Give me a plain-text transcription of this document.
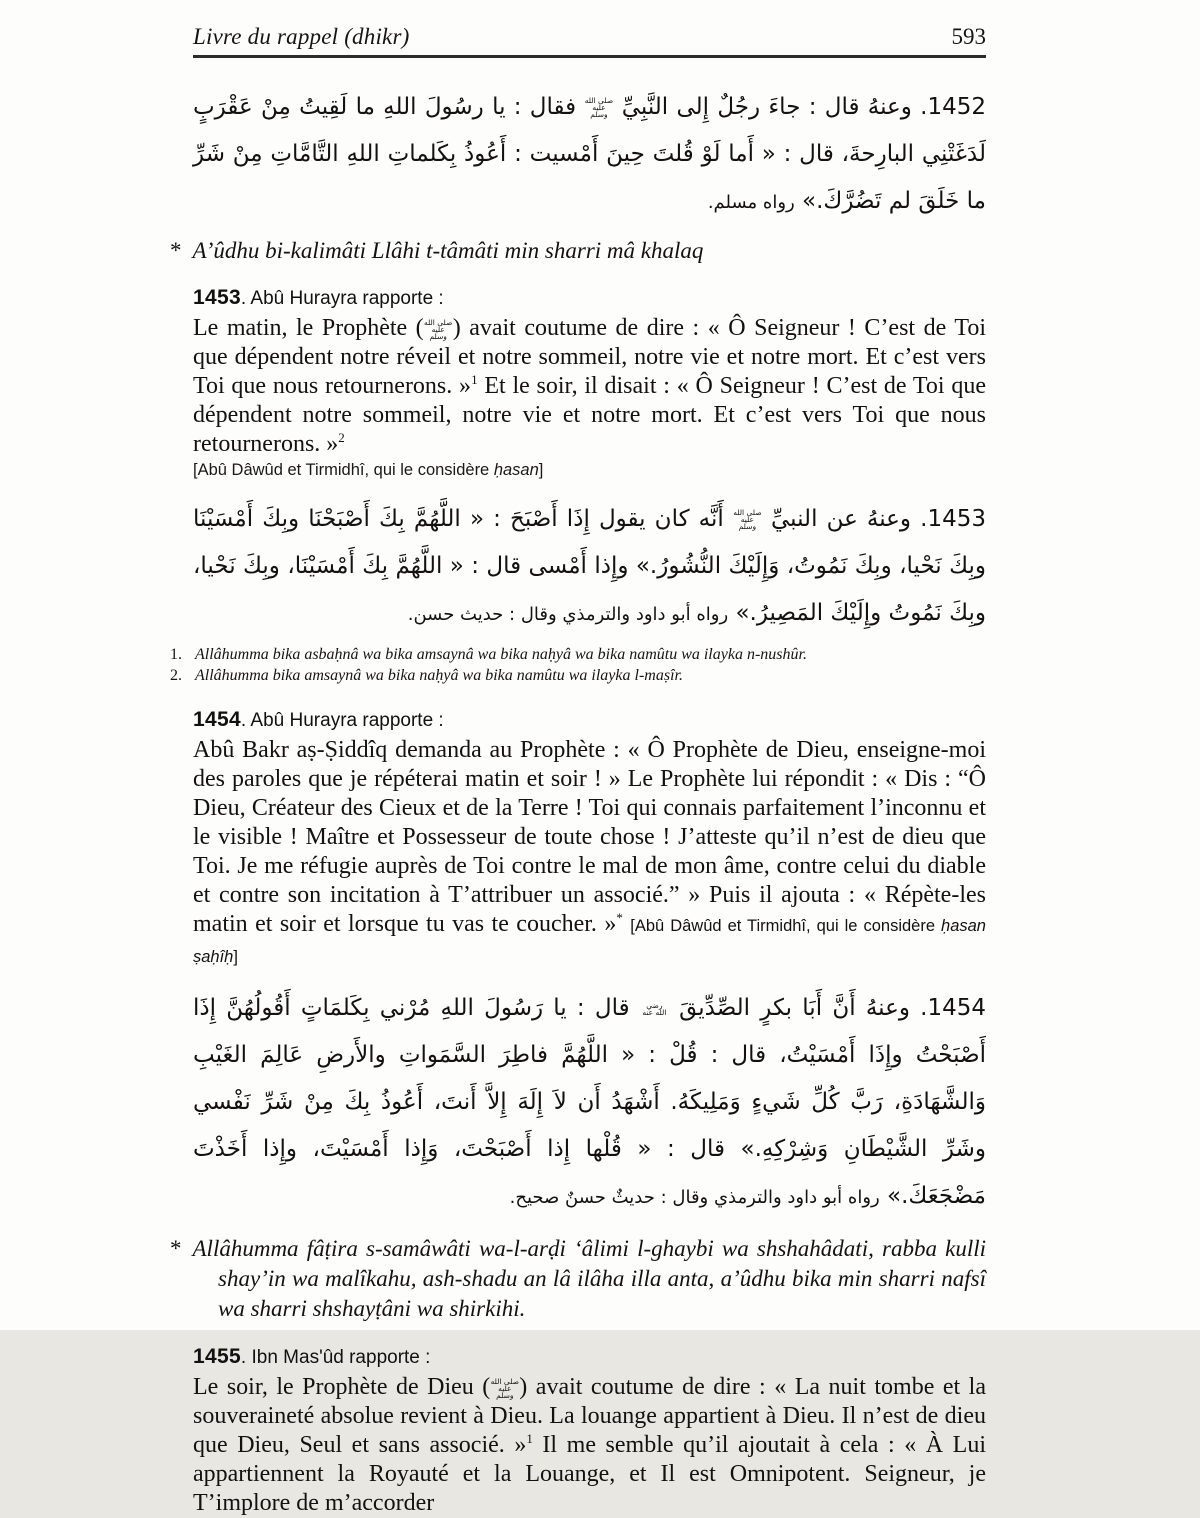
Livre du rappel (dhikr)	593

1452. وعنهُ قال : جاءَ رجُلٌ إِلى النَّبِيِّ صلى الله عليه وسلم فقال : يا رسُولَ اللهِ ما لَقِيتُ مِنْ عَقْرَبٍ لَدَغَتْنِي البارِحةَ، قال : « أَما لَوْ قُلتَ حِينَ أَمْسيت : أَعُوذُ بِكَلماتِ اللهِ التَّامَّاتِ مِنْ شَرِّ ما خَلَقَ لم تَضُرَّكَ.» رواه مسلم.

* A’ûdhu bi-kalimâti Llâhi t-tâmâti min sharri mâ khalaq

1453. Abû Hurayra rapporte :

Le matin, le Prophète (صلى الله عليه وسلم ) avait coutume de dire : « Ô Seigneur ! C’est de Toi que dépendent notre réveil et notre sommeil, notre vie et notre mort. Et c’est vers Toi que nous retournerons. »$^1$ Et le soir, il disait : « Ô Seigneur ! C’est de Toi que dépendent notre sommeil, notre vie et notre mort. Et c’est vers Toi que nous retournerons. »$^2$

[Abû Dâwûd et Tirmidhî, qui le considère ḥasan]

1453. وعنهُ عن النبيِّ صلى الله عليه وسلم أَنَّه كان يقول إِذَا أَصْبَحَ : « اللَّهُمَّ بِكَ أَصْبَحْنَا وبِكَ أَمْسَيْنَا وبِكَ نَحْيا، وبِكَ نَمُوتُ، وَإِلَيْكَ النُّشُورُ.» وإِذا أَمْسى قال : « اللَّهُمَّ بِكَ أَمْسَيْنَا، وبِكَ نَحْيا، وبِكَ نَمُوتُ وإِلَيْكَ المَصِيرُ.» رواه أبو داود والترمذي وقال : حديث حسن.

1. Allâhumma bika asbaḥnâ wa bika amsaynâ wa bika naḥyâ wa bika namûtu wa ilayka n-nushûr.

2. Allâhumma bika amsaynâ wa bika naḥyâ wa bika namûtu wa ilayka l-maṣîr.

1454. Abû Hurayra rapporte :

Abû Bakr aṣ-Ṣiddîq demanda au Prophète : « Ô Prophète de Dieu, enseigne-moi des paroles que je répéterai matin et soir ! » Le Prophète lui répondit : « Dis : “Ô Dieu, Créateur des Cieux et de la Terre ! Toi qui connais parfaitement l’inconnu et le visible ! Maître et Possesseur de toute chose ! J’atteste qu’il n’est de dieu que Toi. Je me réfugie auprès de Toi contre le mal de mon âme, contre celui du diable et contre son incitation à T’attribuer un associé.” » Puis il ajouta : « Répète-les matin et soir et lorsque tu vas te coucher. »* [Abû Dâwûd et Tirmidhî, qui le considère ḥasan ṣaḥîḥ]

1454. وعنهُ أَنَّ أَبَا بكرٍ الصِّدِّيقَ رضي الله عنه قال : يا رَسُولَ اللهِ مُرْني بِكَلمَاتٍ أَقُولُهُنَّ إِذَا أَصْبَحْتُ وإِذَا أَمْسَيْتُ، قال : قُلْ : « اللَّهُمَّ فاطِرَ السَّمَواتِ والأَرضِ عَالِمَ الغَيْبِ وَالشَّهَادَةِ، رَبَّ كُلِّ شَيءٍ وَمَلِيكَهُ. أَشْهَدُ أَن لاَ إِلَهَ إِلاَّ أَنتَ، أَعُوذُ بِكَ مِنْ شَرِّ نَفْسي وشَرِّ الشَّيْطَانِ وَشِرْكِهِ.» قال : « قُلْها إِذا أَصْبَحْتَ، وَإِذا أَمْسَيْتَ، وإِذا أَخَذْتَ مَضْجَعَكَ.» رواه أبو داود والترمذي وقال : حديثٌ حسنٌ صحيح.

* Allâhumma fâṭira s-samâwâti wa-l-arḍi ‘âlimi l-ghaybi wa shshahâdati, rabba kulli shay’in wa malîkahu, ash-shadu an lâ ilâha illa anta, a’ûdhu bika min sharri nafsî wa sharri shshayṭâni wa shirkihi.

1455. Ibn Mas'ûd rapporte :

Le soir, le Prophète de Dieu (صلى الله عليه وسلم ) avait coutume de dire : « La nuit tombe et la souveraineté absolue revient à Dieu. La louange appartient à Dieu. Il n’est de dieu que Dieu, Seul et sans associé. »$^1$ Il me semble qu’il ajoutait à cela : « À Lui appartiennent la Royauté et la Louange, et Il est Omnipotent. Seigneur, je T’implore de m’accorder
